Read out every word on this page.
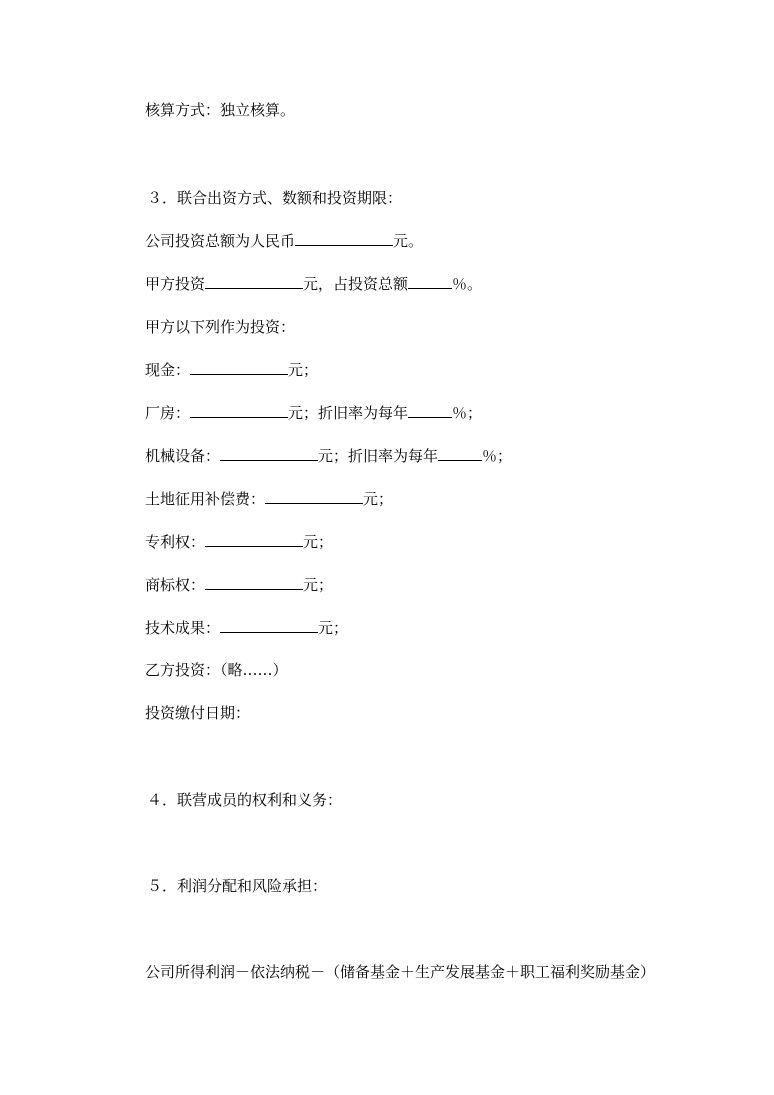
核算方式：独立核算。
３．联合出资方式、数额和投资期限：
公司投资总额为人民币	元。
甲方投资	元，占投资总额	％。
甲方以下列作为投资：
现金：	元；
厂房：	元；折旧率为每年	％；
机械设备：	元；折旧率为每年	％；
土地征用补偿费：	元；
专利权：	元；
商标权：	元；
技术成果：	元；
乙方投资：（略……）
投资缴付日期：
４．联营成员的权利和义务：
５．利润分配和风险承担：
公司所得利润－依法纳税－（储备基金＋生产发展基金＋职工福利奖励基金）
